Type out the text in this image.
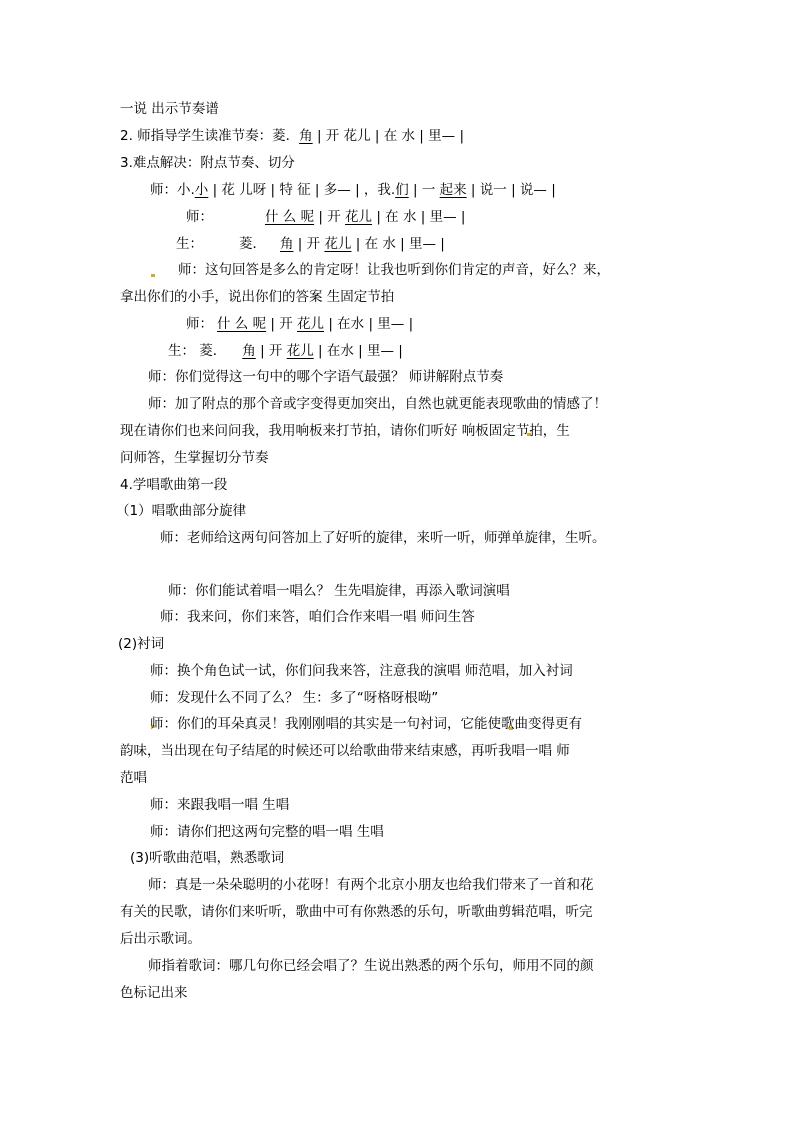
一说 出示节奏谱
2. 师指导学生读准节奏：菱．角 | 开 花儿 | 在 水 | 里— |
3.难点解决：附点节奏、切分
师：小.小 | 花 儿呀 | 特 征 | 多— | ，我.们 | 一 起来 | 说一 | 说— |
师：	什 么 呢 | 开 花儿 | 在 水 | 里— |
生：	菱． 角 | 开 花儿 | 在 水 | 里— |
师：这句回答是多么的肯定呀！让我也听到你们肯定的声音，好么？来，
拿出你们的小手，说出你们的答案 生固定节拍
师： 什 么 呢 | 开 花儿 | 在水 | 里— |
生： 菱． 角 | 开 花儿 | 在水 | 里— |
师：你们觉得这一句中的哪个字语气最强？ 师讲解附点节奏
师：加了附点的那个音或字变得更加突出，自然也就更能表现歌曲的情感了！
现在请你们也来问问我，我用响板来打节拍，请你们听好 响板固定节拍，生
问师答，生掌握切分节奏
4.学唱歌曲第一段
（1）唱歌曲部分旋律
师：老师给这两句问答加上了好听的旋律，来听一听，师弹单旋律，生听。
师：你们能试着唱一唱么？ 生先唱旋律，再添入歌词演唱
师：我来问，你们来答，咱们合作来唱一唱 师问生答
(2)衬词
师：换个角色试一试，你们问我来答，注意我的演唱 师范唱，加入衬词
师：发现什么不同了么？ 生：多了“呀格呀根呦”
师：你们的耳朵真灵！我刚刚唱的其实是一句衬词，它能使歌曲变得更有
韵味，当出现在句子结尾的时候还可以给歌曲带来结束感，再听我唱一唱 师
范唱
师：来跟我唱一唱 生唱
师：请你们把这两句完整的唱一唱 生唱
(3)听歌曲范唱，熟悉歌词
师：真是一朵朵聪明的小花呀！有两个北京小朋友也给我们带来了一首和花
有关的民歌，请你们来听听，歌曲中可有你熟悉的乐句，听歌曲剪辑范唱，听完
后出示歌词。
师指着歌词：哪几句你已经会唱了？生说出熟悉的两个乐句，师用不同的颜
色标记出来
